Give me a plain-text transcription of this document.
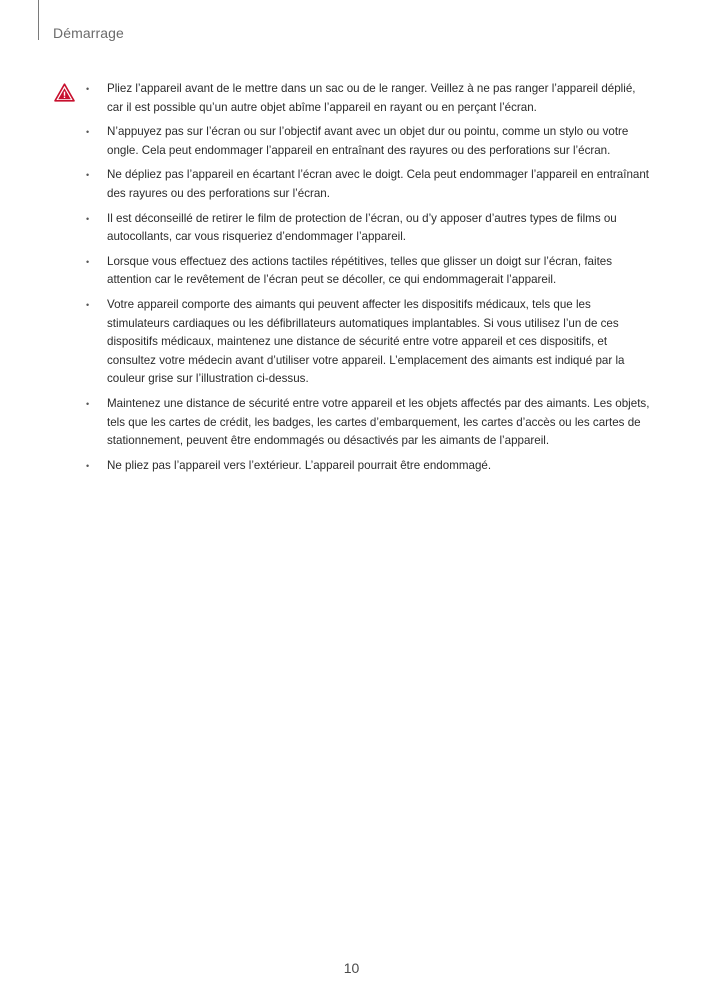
Démarrage
• Pliez l’appareil avant de le mettre dans un sac ou de le ranger. Veillez à ne pas ranger l’appareil déplié, car il est possible qu’un autre objet abîme l’appareil en rayant ou en perçant l’écran.
• N’appuyez pas sur l’écran ou sur l’objectif avant avec un objet dur ou pointu, comme un stylo ou votre ongle. Cela peut endommager l’appareil en entraînant des rayures ou des perforations sur l’écran.
• Ne dépliez pas l’appareil en écartant l’écran avec le doigt. Cela peut endommager l’appareil en entraînant des rayures ou des perforations sur l’écran.
• Il est déconseillé de retirer le film de protection de l’écran, ou d’y apposer d’autres types de films ou autocollants, car vous risqueriez d’endommager l’appareil.
• Lorsque vous effectuez des actions tactiles répétitives, telles que glisser un doigt sur l’écran, faites attention car le revêtement de l’écran peut se décoller, ce qui endommagerait l’appareil.
• Votre appareil comporte des aimants qui peuvent affecter les dispositifs médicaux, tels que les stimulateurs cardiaques ou les défibrillateurs automatiques implantables. Si vous utilisez l’un de ces dispositifs médicaux, maintenez une distance de sécurité entre votre appareil et ces dispositifs, et consultez votre médecin avant d’utiliser votre appareil. L’emplacement des aimants est indiqué par la couleur grise sur l’illustration ci-dessus.
• Maintenez une distance de sécurité entre votre appareil et les objets affectés par des aimants. Les objets, tels que les cartes de crédit, les badges, les cartes d’embarquement, les cartes d’accès ou les cartes de stationnement, peuvent être endommagés ou désactivés par les aimants de l’appareil.
• Ne pliez pas l’appareil vers l’extérieur. L’appareil pourrait être endommagé.
10
